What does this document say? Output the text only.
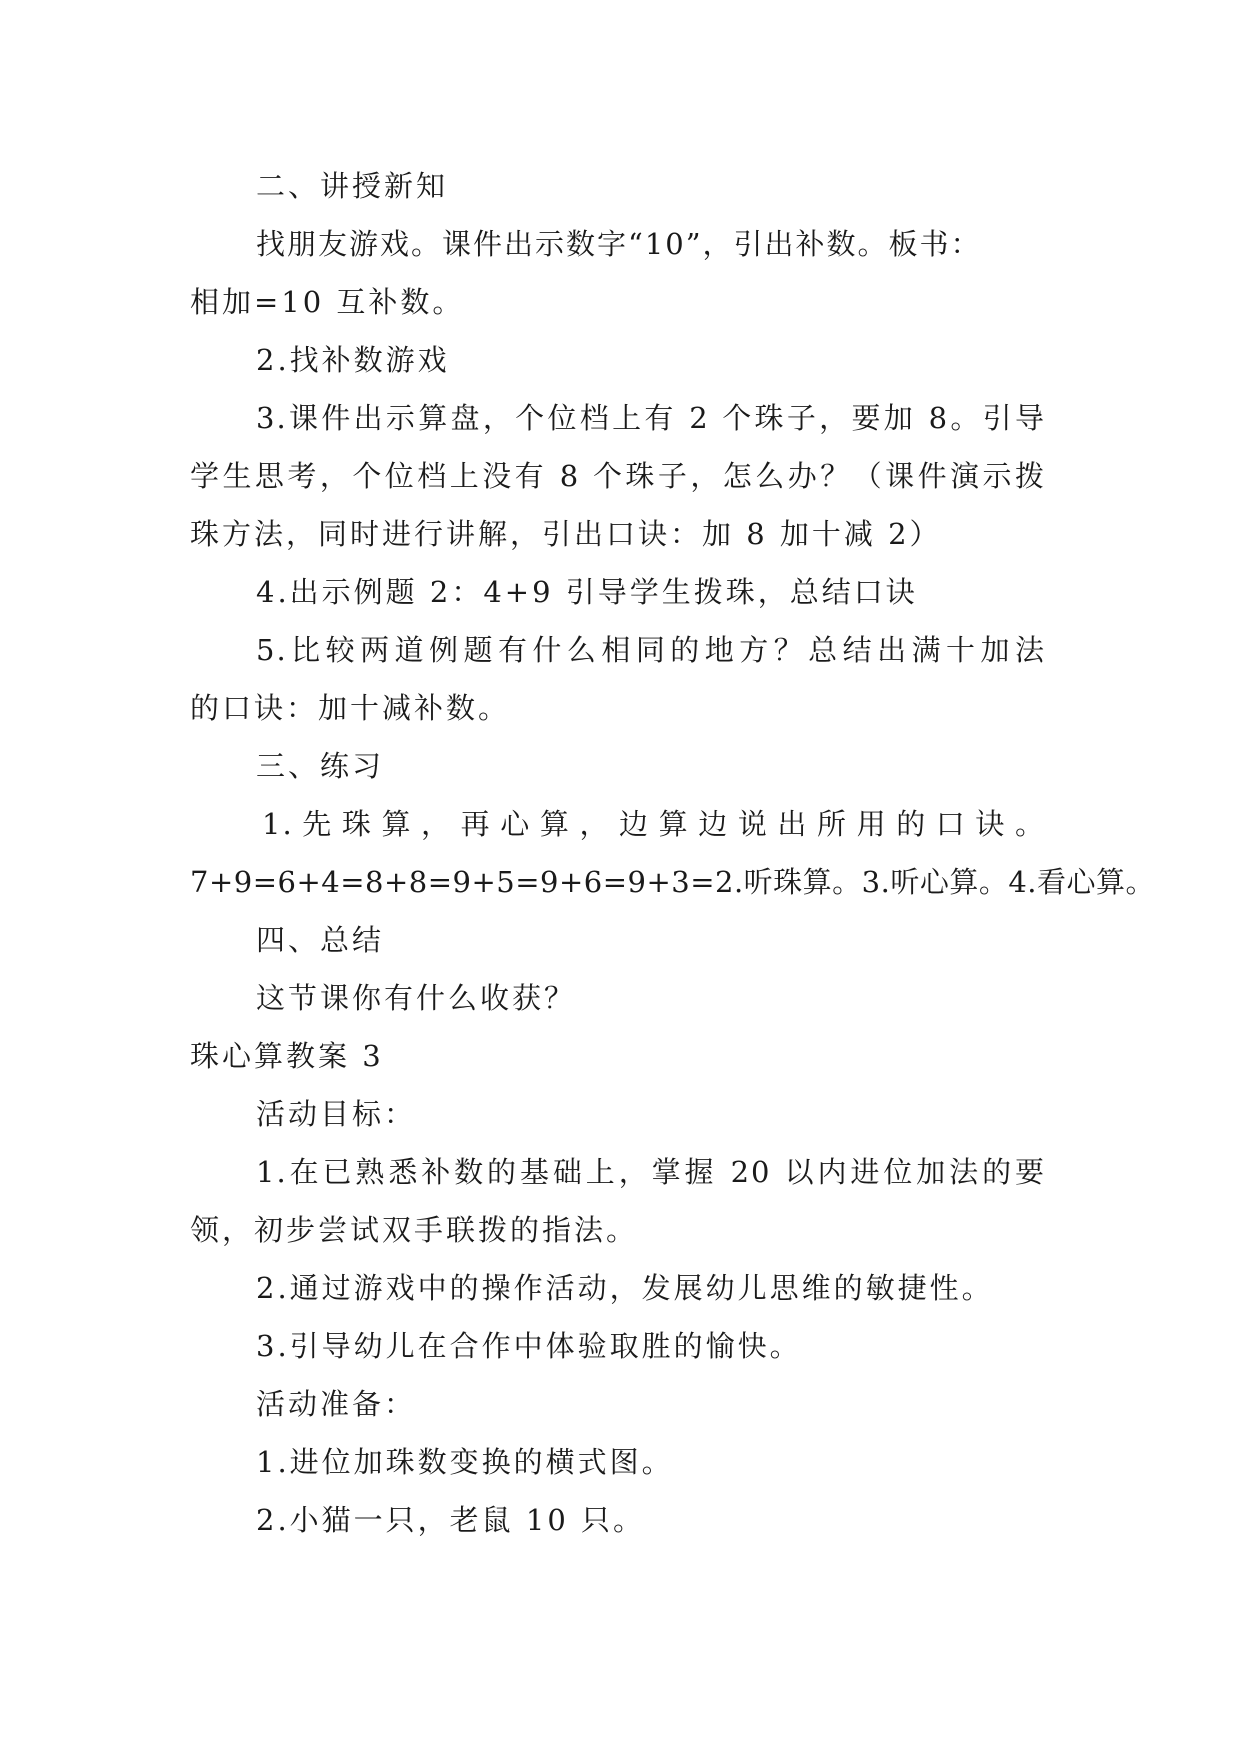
二、讲授新知
找朋友游戏。课件出示数字“10”，引出补数。板书：
相加=10 互补数。
2.找补数游戏
3.课件出示算盘，个位档上有 2 个珠子，要加 8。引导
学生思考，个位档上没有 8 个珠子，怎么办？（课件演示拨
珠方法，同时进行讲解，引出口诀：加 8 加十减 2）
4.出示例题 2：4+9 引导学生拨珠，总结口诀
5.比较两道例题有什么相同的地方？总结出满十加法
的口诀：加十减补数。
三、练习
1.先珠算，再心算，边算边说出所用的口诀。
7+9=6+4=8+8=9+5=9+6=9+3=2.听珠算。3.听心算。4.看心算。
四、总结
这节课你有什么收获？
珠心算教案 3
活动目标：
1.在已熟悉补数的基础上，掌握 20 以内进位加法的要
领，初步尝试双手联拨的指法。
2.通过游戏中的操作活动，发展幼儿思维的敏捷性。
3.引导幼儿在合作中体验取胜的愉快。
活动准备：
1.进位加珠数变换的横式图。
2.小猫一只，老鼠 10 只。
